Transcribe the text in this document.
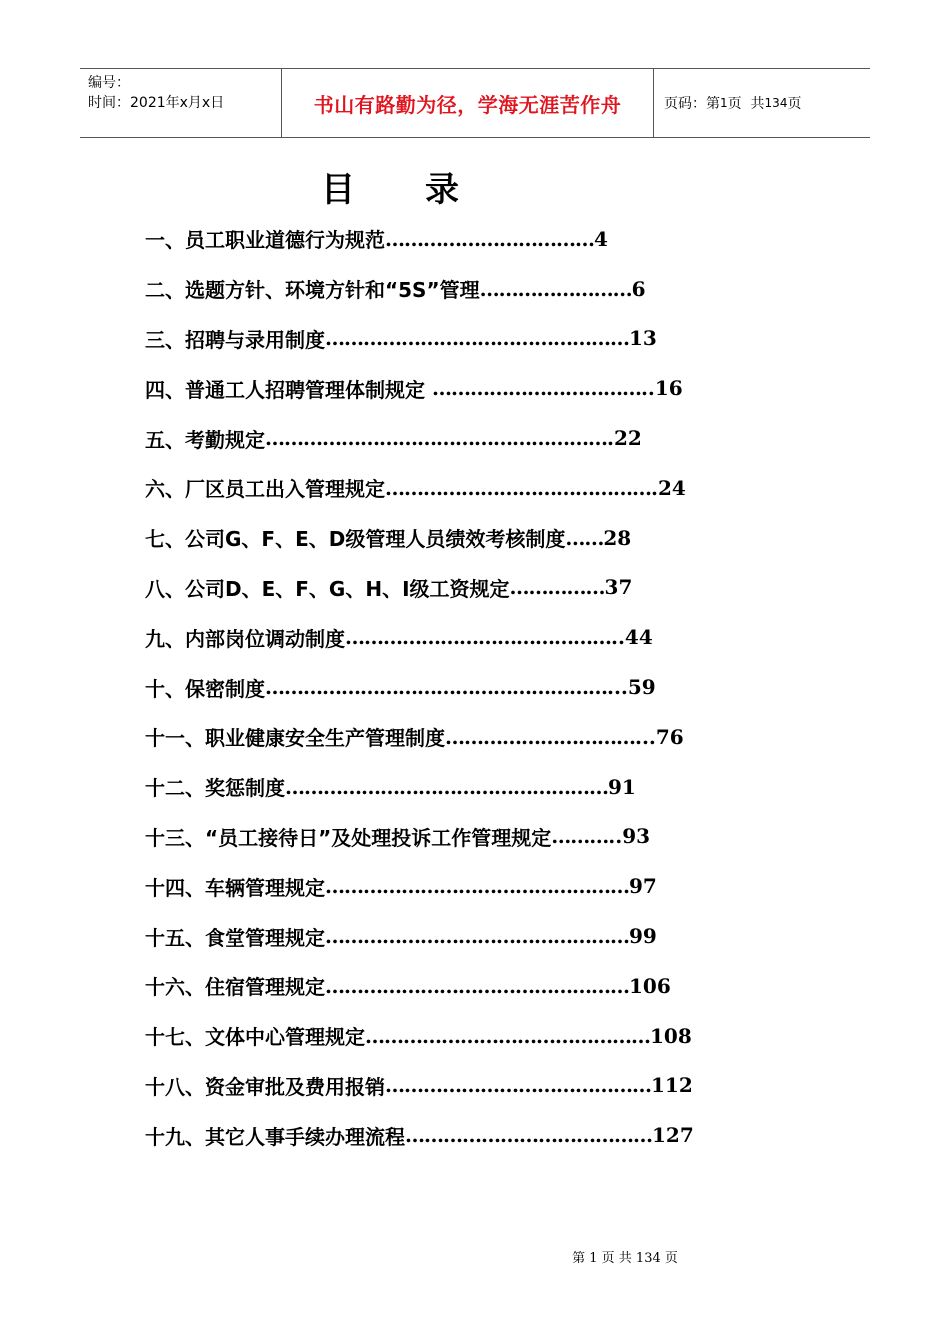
编号：
时间：2021年x月x日	书山有路勤为径，学海无涯苦作舟	页码：第 1 页  共 134 页
目 录
一、员工职业道德行为规范 …………………………… 4
二、选题方针、环境方针和“5S”管理 …………………… 6
三、招聘与录用制度 ………………………………………… 13
四、普通工人招聘管理体制规定 …………………………… ..16
五、考勤规定 ……………………………………………… .22
六、厂区员工出入管理规定 …………………………………… .24
七、公司G、F、E、D级管理人员绩效考核制度 …… 28
八、公司D、E、F、G、H、I级工资规定 …………… 37
九、内部岗位调动制度 …………………………………… ..44
十、保密制度 ……………………………………………… ...59
十一、职业健康安全生产管理制度 ………………………… ...76
十二、奖惩制度 …………………………………………… 91
十三、“员工接待日”及处理投诉工作管理规定 ……… ..93
十四、车辆管理规定 ………………………………………… 97
十五、食堂管理规定 ………………………………………… 99
十六、住宿管理规定 ………………………………………… 106
十七、文体中心管理规定 ……………………………………… 108
十八、资金审批及费用报销 …………………………………… 112
十九、其它人事手续办理流程 ………………………………… 127
第 1 页 共 134 页
